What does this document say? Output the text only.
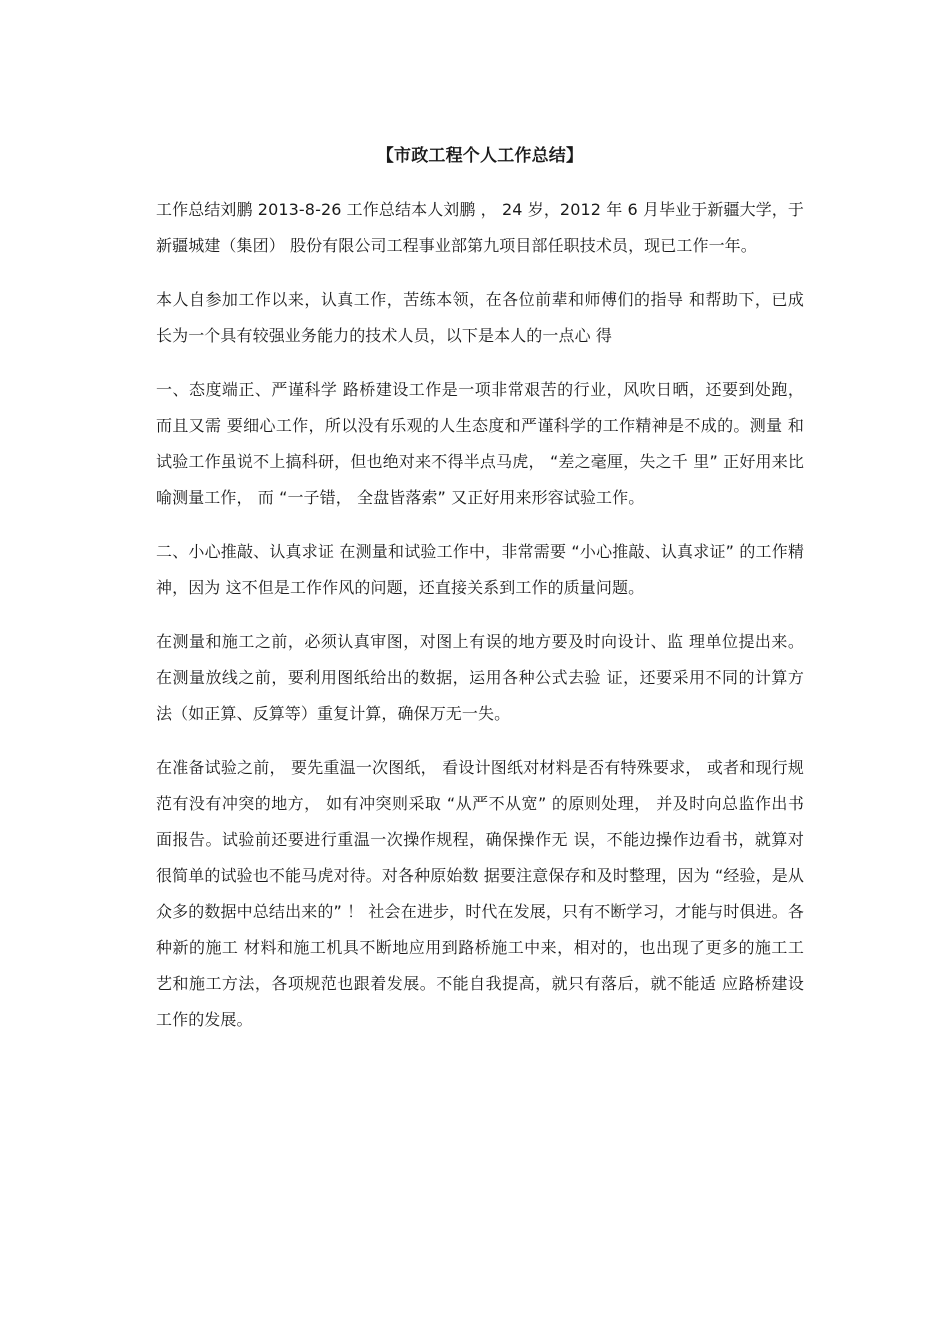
【市政工程个人工作总结】

工作总结刘鹏 2013-8-26 工作总结本人刘鹏 ， 24 岁，2012 年 6 月毕业于新疆大学，于新疆城建（集团） 股份有限公司工程事业部第九项目部任职技术员，现已工作一年。

本人自参加工作以来，认真工作，苦练本领，在各位前辈和师傅们的指导 和帮助下，已成长为一个具有较强业务能力的技术人员，以下是本人的一点心 得

一、态度端正、严谨科学 路桥建设工作是一项非常艰苦的行业，风吹日晒，还要到处跑，而且又需 要细心工作，所以没有乐观的人生态度和严谨科学的工作精神是不成的。测量 和试验工作虽说不上搞科研，但也绝对来不得半点马虎， “差之毫厘，失之千 里” 正好用来比喻测量工作， 而 “一子错， 全盘皆落索” 又正好用来形容试验工作。

二、小心推敲、认真求证 在测量和试验工作中，非常需要 “小心推敲、认真求证” 的工作精神，因为 这不但是工作作风的问题，还直接关系到工作的质量问题。

在测量和施工之前，必须认真审图，对图上有误的地方要及时向设计、监 理单位提出来。在测量放线之前，要利用图纸给出的数据，运用各种公式去验 证，还要采用不同的计算方法（如正算、反算等）重复计算，确保万无一失。

在准备试验之前， 要先重温一次图纸， 看设计图纸对材料是否有特殊要求， 或者和现行规范有没有冲突的地方， 如有冲突则采取 “从严不从宽” 的原则处理， 并及时向总监作出书面报告。试验前还要进行重温一次操作规程，确保操作无 误，不能边操作边看书，就算对很简单的试验也不能马虎对待。对各种原始数 据要注意保存和及时整理，因为 “经验，是从众多的数据中总结出来的” ！ 社会在进步，时代在发展，只有不断学习，才能与时俱进。各种新的施工 材料和施工机具不断地应用到路桥施工中来，相对的，也出现了更多的施工工 艺和施工方法，各项规范也跟着发展。不能自我提高，就只有落后，就不能适 应路桥建设工作的发展。
